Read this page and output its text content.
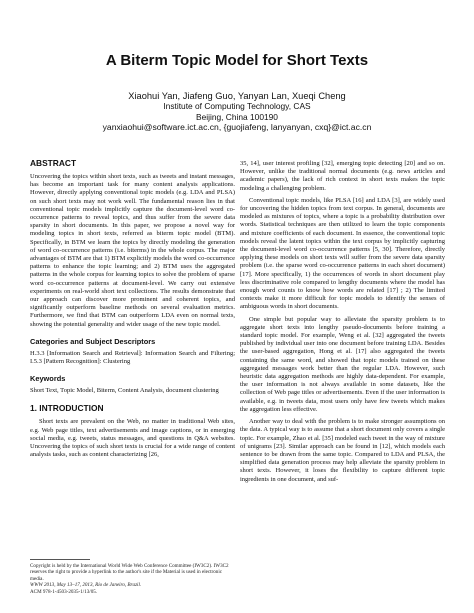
A Biterm Topic Model for Short Texts
Xiaohui Yan, Jiafeng Guo, Yanyan Lan, Xueqi Cheng
Institute of Computing Technology, CAS
Beijing, China 100190
yanxiaohui@software.ict.ac.cn, {guojiafeng, lanyanyan, cxq}@ict.ac.cn
ABSTRACT

Uncovering the topics within short texts, such as tweets and instant messages, has become an important task for many content analysis applications. However, directly applying conventional topic models (e.g. LDA and PLSA) on such short texts may not work well. The fundamental reason lies in that conventional topic models implicitly capture the document-level word co-occurrence patterns to reveal topics, and thus suffer from the severe data sparsity in short documents. In this paper, we propose a novel way for modeling topics in short texts, referred as biterm topic model (BTM). Specifically, in BTM we learn the topics by directly modeling the generation of word co-occurrence patterns (i.e. biterms) in the whole corpus. The major advantages of BTM are that 1) BTM explicitly models the word co-occurrence patterns to enhance the topic learning; and 2) BTM uses the aggregated patterns in the whole corpus for learning topics to solve the problem of sparse word co-occurrence patterns at document-level. We carry out extensive experiments on real-world short text collections. The results demonstrate that our approach can discover more prominent and coherent topics, and significantly outperform baseline methods on several evaluation metrics. Furthermore, we find that BTM can outperform LDA even on normal texts, showing the potential generality and wider usage of the new topic model.

Categories and Subject Descriptors

H.3.3 [Information Search and Retrieval]: Information Search and Filtering; I.5.3 [Pattern Recognition]: Clustering

Keywords

Short Text, Topic Model, Biterm, Content Analysis, document clustering

1. INTRODUCTION

Short texts are prevalent on the Web, no matter in traditional Web sites, e.g. Web page titles, text advertisements and image captions, or in emerging social media, e.g. tweets, status messages, and questions in Q&A websites. Uncovering the topics of such short texts is crucial for a wide range of content analysis tasks, such as content characterizing [26,

Copyright is held by the International World Wide Web Conference Committee (IW3C2). IW3C2 reserves the right to provide a hyperlink to the author's site if the Material is used in electronic media.
WWW 2013, May 13–17, 2013, Rio de Janeiro, Brazil.
ACM 978-1-4503-2035-1/13/05.

35, 14], user interest profiling [32], emerging topic detecting [20] and so on. However, unlike the traditional normal documents (e.g. news articles and academic papers), the lack of rich context in short texts makes the topic modeling a challenging problem.

Conventional topic models, like PLSA [16] and LDA [3], are widely used for uncovering the hidden topics from text corpus. In general, documents are modeled as mixtures of topics, where a topic is a probability distribution over words. Statistical techniques are then utilized to learn the topic components and mixture coefficients of each document. In essence, the conventional topic models reveal the latent topics within the text corpus by implicitly capturing the document-level word co-occurrence patterns [5, 30]. Therefore, directly applying these models on short texts will suffer from the severe data sparsity problem (i.e. the sparse word co-occurrence patterns in each short document) [17]. More specifically, 1) the occurrences of words in short document play less discriminative role compared to lengthy documents where the model has enough word counts to know how words are related [17] ; 2) The limited contexts make it more difficult for topic models to identify the senses of ambiguous words in short documents.

One simple but popular way to alleviate the sparsity problem is to aggregate short texts into lengthy pseudo-documents before training a standard topic model. For example, Weng et al. [32] aggregated the tweets published by individual user into one document before training LDA. Besides the user-based aggregation, Hong et al. [17] also aggregated the tweets containing the same word, and showed that topic models trained on these aggregated messages work better than the regular LDA. However, such heuristic data aggregation methods are highly data-dependent. For example, the user information is not always available in some datasets, like the collection of Web page titles or advertisements. Even if the user information is available, e.g. in tweets data, most users only have few tweets which makes the aggregation less effective.

Another way to deal with the problem is to make stronger assumptions on the data. A typical way is to assume that a short document only covers a single topic. For example, Zhao et al. [35] modeled each tweet in the way of mixture of unigrams [23]. Similar approach can be found in [12], which models each sentence to be drawn from the same topic. Compared to LDA and PLSA, the simplified data generation process may help alleviate the sparsity problem in short texts. However, it loses the flexibility to capture different topic ingredients in one document, and suf-
